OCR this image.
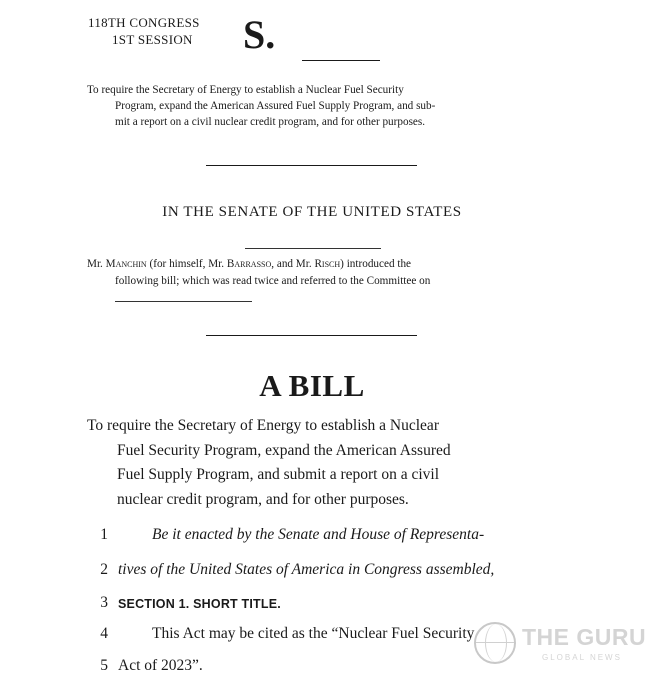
118TH CONGRESS
1ST SESSION S.
To require the Secretary of Energy to establish a Nuclear Fuel Security
Program, expand the American Assured Fuel Supply Program, and sub-
mit a report on a civil nuclear credit program, and for other purposes.
IN THE SENATE OF THE UNITED STATES
Mr. Manchin (for himself, Mr. Barrasso, and Mr. Risch) introduced the
following bill; which was read twice and referred to the Committee on
A BILL
To require the Secretary of Energy to establish a Nuclear
Fuel Security Program, expand the American Assured
Fuel Supply Program, and submit a report on a civil
nuclear credit program, and for other purposes.
1	Be it enacted by the Senate and House of Representa-
2 tives of the United States of America in Congress assembled,
3 SECTION 1. SHORT TITLE.
4	This Act may be cited as the “Nuclear Fuel Security
5 Act of 2023”.
THE GURU
GLOBAL NEWS
